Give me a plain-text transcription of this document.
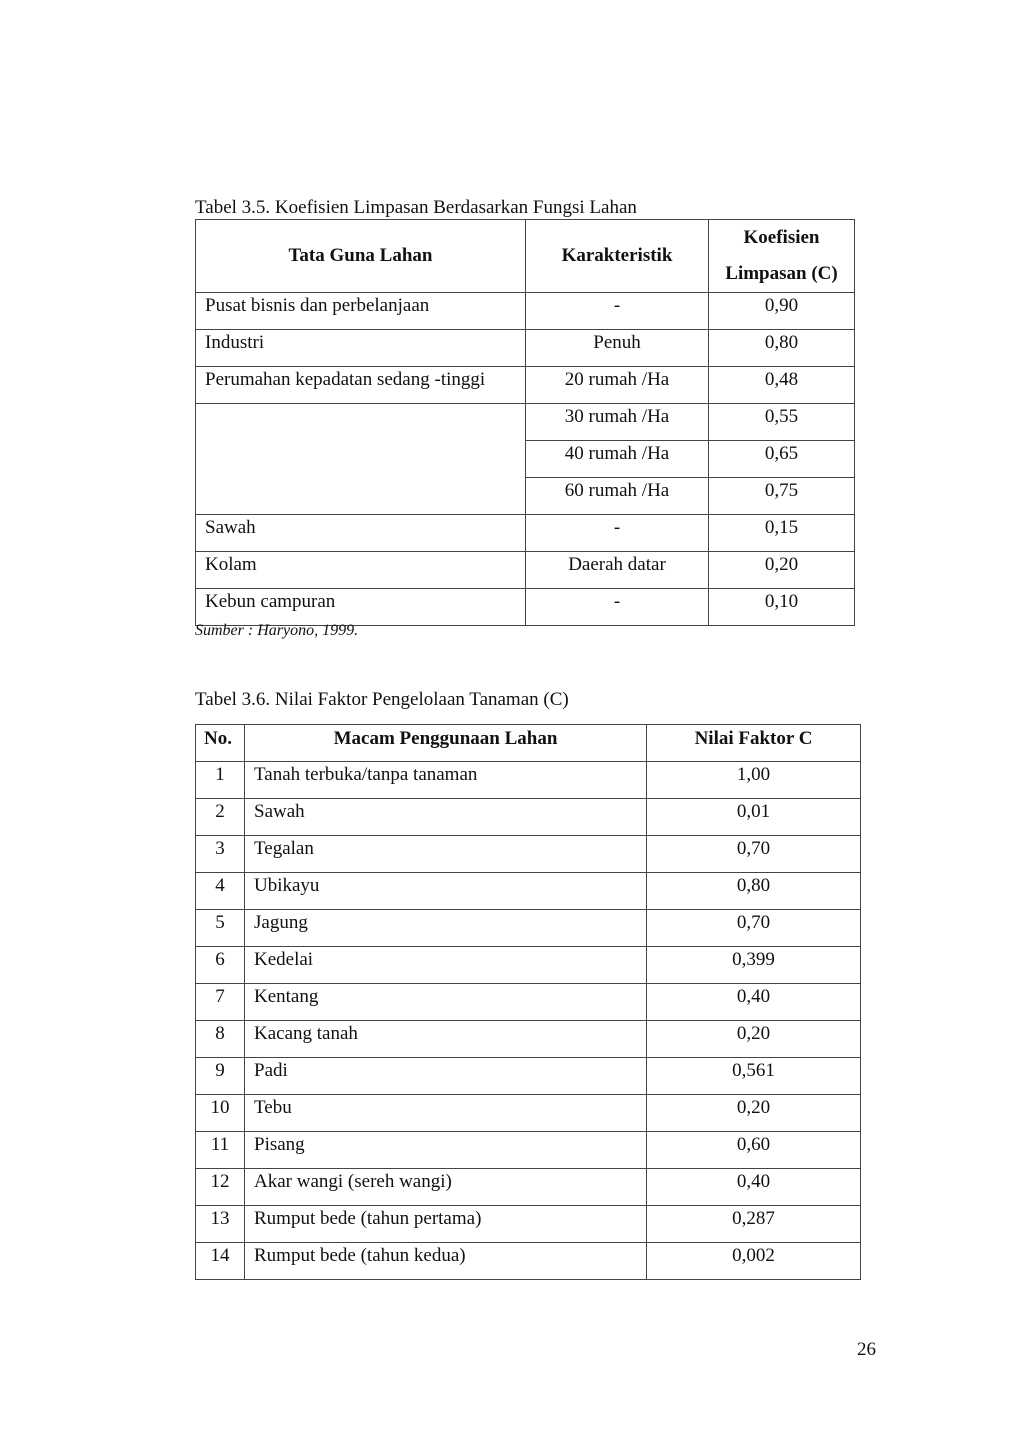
Tabel 3.5. Koefisien Limpasan Berdasarkan Fungsi Lahan

Tata Guna Lahan	Karakteristik	Koefisien
Limpasan (C)
Pusat bisnis dan perbelanjaan	-	0,90
Industri	Penuh	0,80
Perumahan kepadatan sedang -tinggi	20 rumah /Ha	0,48
	30 rumah /Ha	0,55
	40 rumah /Ha	0,65
	60 rumah /Ha	0,75
Sawah	-	0,15
Kolam	Daerah datar	0,20
Kebun campuran	-	0,10
Sumber : Haryono, 1999.

Tabel 3.6. Nilai Faktor Pengelolaan Tanaman (C)

No.	Macam Penggunaan Lahan	Nilai Faktor C
1	Tanah terbuka/tanpa tanaman	1,00
2	Sawah	0,01
3	Tegalan	0,70
4	Ubikayu	0,80
5	Jagung	0,70
6	Kedelai	0,399
7	Kentang	0,40
8	Kacang tanah	0,20
9	Padi	0,561
10	Tebu	0,20
11	Pisang	0,60
12	Akar wangi (sereh wangi)	0,40
13	Rumput bede (tahun pertama)	0,287
14	Rumput bede (tahun kedua)	0,002
26
